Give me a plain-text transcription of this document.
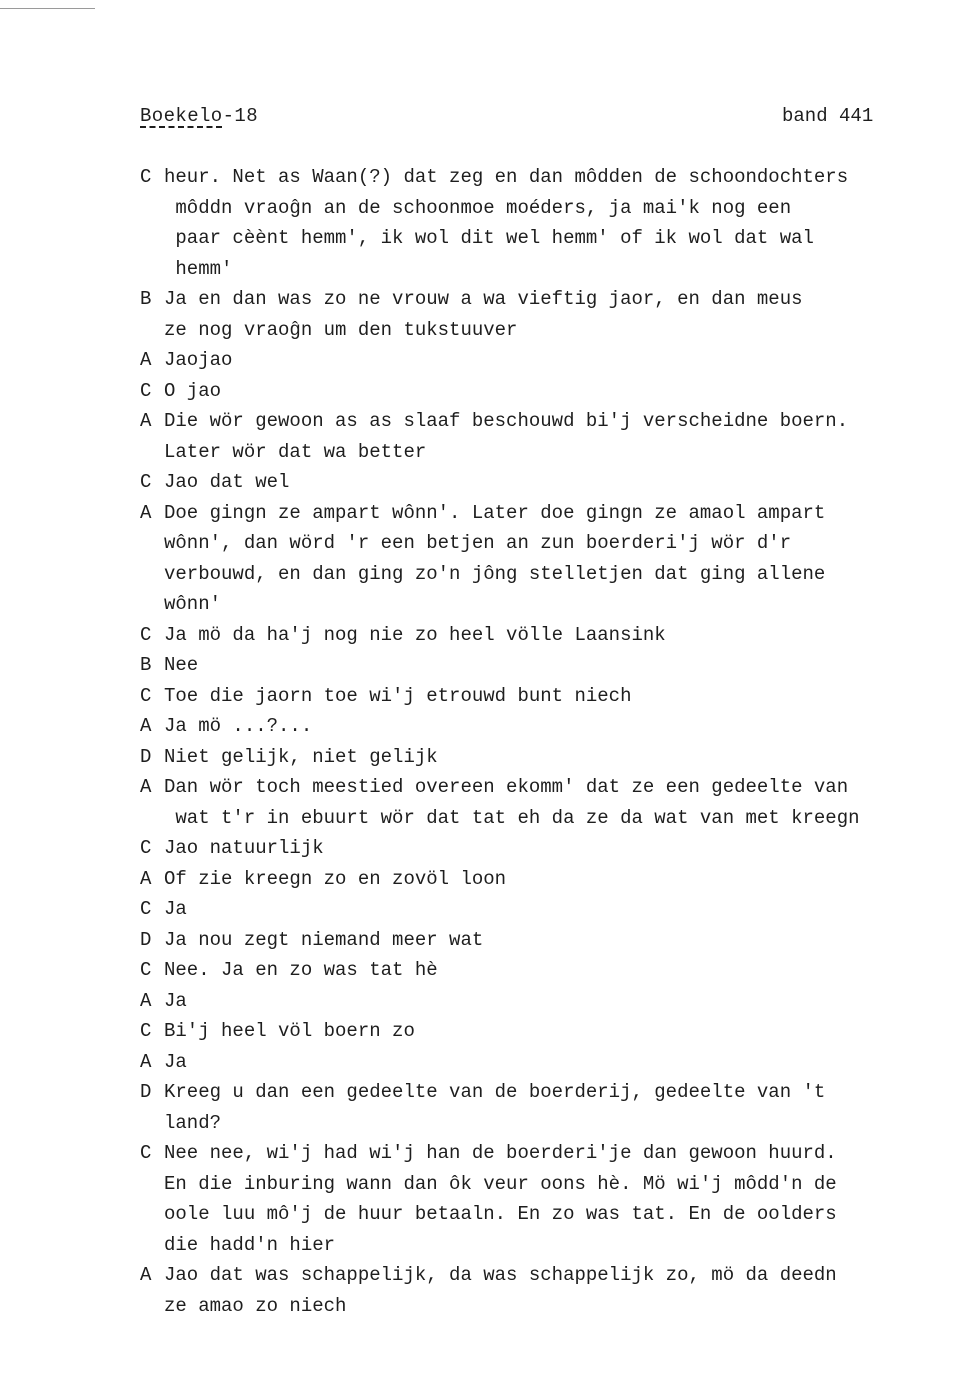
Boekelo-18	band 441
C heur. Net as Waan(?) dat zeg en dan môdden de schoondochters
môddn vraoĝn an de schoonmoe moéders, ja mai'k nog een
paar cèènt hemm', ik wol dit wel hemm' of ik wol dat wal
hemm'
B Ja en dan was zo ne vrouw a wa vieftig jaor, en dan meus
ze nog vraoĝn um den tukstuuver
A Jaojao
C O jao
A Die wör gewoon as as slaaf beschouwd bi'j verscheidne boern.
Later wör dat wa better
C Jao dat wel
A Doe gingn ze ampart wônn'. Later doe gingn ze amaol ampart
wônn', dan wörd 'r een betjen an zun boerderi'j wör d'r
verbouwd, en dan ging zo'n jông stelletjen dat ging allene
wônn'
C Ja mö da ha'j nog nie zo heel völle Laansink
B Nee
C Toe die jaorn toe wi'j etrouwd bunt niech
A Ja mö ...?...
D Niet gelijk, niet gelijk
A Dan wör toch meestied overeen ekomm' dat ze een gedeelte van
wat t'r in ebuurt wör dat tat eh da ze da wat van met kreegn
C Jao natuurlijk
A Of zie kreegn zo en zovöl loon
C Ja
D Ja nou zegt niemand meer wat
C Nee. Ja en zo was tat hè
A Ja
C Bi'j heel völ boern zo
A Ja
D Kreeg u dan een gedeelte van de boerderij, gedeelte van 't
land?
C Nee nee, wi'j had wi'j han de boerderi'je dan gewoon huurd.
En die inburing wann dan ôk veur oons hè. Mö wi'j môdd'n de
oole luu mô'j de huur betaaln. En zo was tat. En de oolders
die hadd'n hier
A Jao dat was schappelijk, da was schappelijk zo, mö da deedn
ze amao zo niech
